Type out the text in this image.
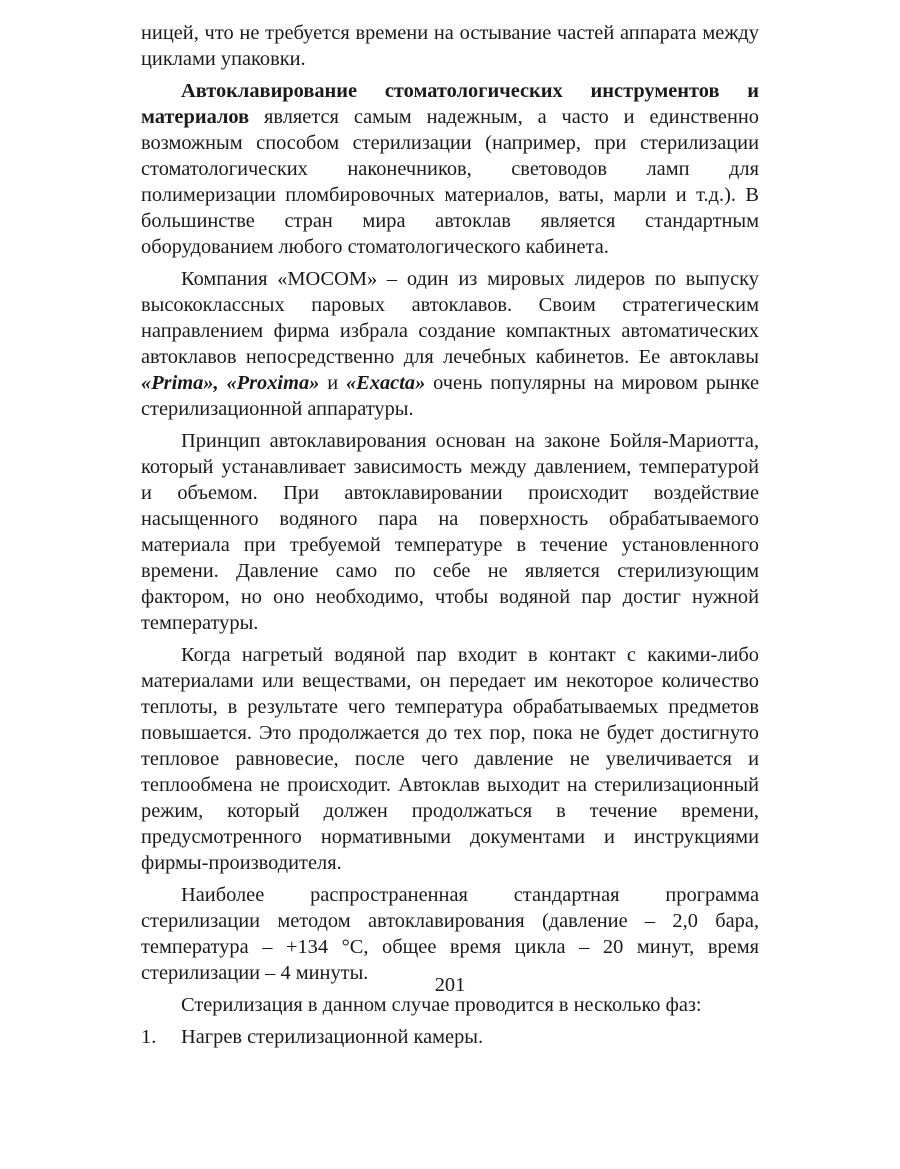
ницей, что не требуется времени на остывание частей аппарата между циклами упаковки.

Автоклавирование стоматологических инструментов и материалов является самым надежным, а часто и единственно возможным способом стерилизации (например, при стерилизации стоматологических наконечников, световодов ламп для полимеризации пломбировочных материалов, ваты, марли и т.д.). В большинстве стран мира автоклав является стандартным оборудованием любого стоматологического кабинета.

Компания «МОСОМ» – один из мировых лидеров по выпуску высококлассных паровых автоклавов. Своим стратегическим направлением фирма избрала создание компактных автоматических автоклавов непосредственно для лечебных кабинетов. Ее автоклавы «Prima», «Proxima» и «Exacta» очень популярны на мировом рынке стерилизационной аппаратуры.

Принцип автоклавирования основан на законе Бойля-Мариотта, который устанавливает зависимость между давлением, температурой и объемом. При автоклавировании происходит воздействие насыщенного водяного пара на поверхность обрабатываемого материала при требуемой температуре в течение установленного времени. Давление само по себе не является стерилизующим фактором, но оно необходимо, чтобы водяной пар достиг нужной температуры.

Когда нагретый водяной пар входит в контакт с какими-либо материалами или веществами, он передает им некоторое количество теплоты, в результате чего температура обрабатываемых предметов повышается. Это продолжается до тех пор, пока не будет достигнуто тепловое равновесие, после чего давление не увеличивается и теплообмена не происходит. Автоклав выходит на стерилизационный режим, который должен продолжаться в течение времени, предусмотренного нормативными документами и инструкциями фирмы-производителя.

Наиболее распространенная стандартная программа стерилизации методом автоклавирования (давление – 2,0 бара, температура – +134 °С, общее время цикла – 20 минут, время стерилизации – 4 минуты.

Стерилизация в данном случае проводится в несколько фаз:

1.	Нагрев стерилизационной камеры.
201
